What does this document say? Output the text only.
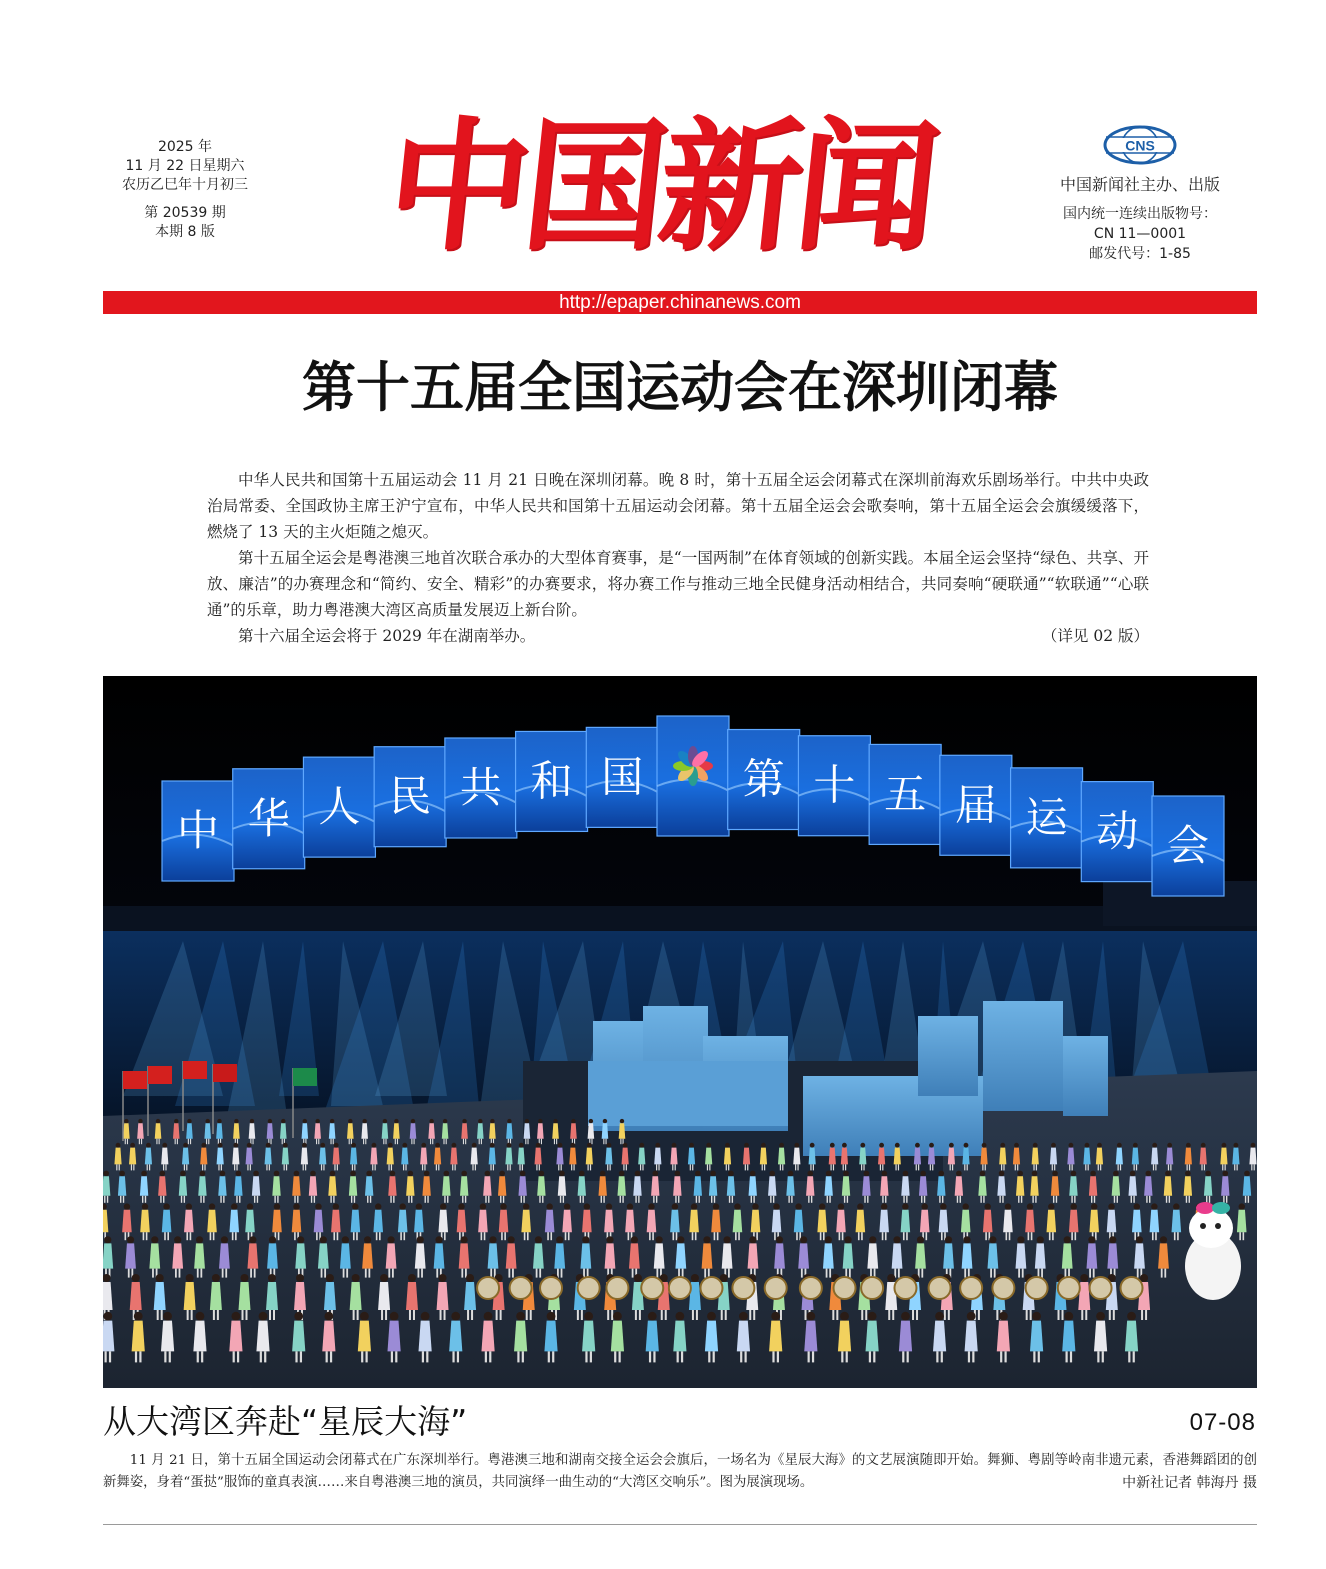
2025 年
11 月 22 日星期六
农历乙巳年十月初三
第 20539 期
本期 8 版	中国新闻	CNS
中国新闻社主办、出版
国内统一连续出版物号：
CN 11—0001
邮发代号：1-85
http://epaper.chinanews.com
第十五届全国运动会在深圳闭幕

中华人民共和国第十五届运动会 11 月 21 日晚在深圳闭幕。晚 8 时，第十五届全运会闭幕式在深圳前海欢乐剧场举行。中共中央政治局常委、全国政协主席王沪宁宣布，中华人民共和国第十五届运动会闭幕。第十五届全运会会歌奏响，第十五届全运会会旗缓缓落下，燃烧了 13 天的主火炬随之熄灭。

第十五届全运会是粤港澳三地首次联合承办的大型体育赛事，是“一国两制”在体育领域的创新实践。本届全运会坚持“绿色、共享、开放、廉洁”的办赛理念和“简约、安全、精彩”的办赛要求，将办赛工作与推动三地全民健身活动相结合，共同奏响“硬联通”“软联通”“心联通”的乐章，助力粤港澳大湾区高质量发展迈上新台阶。

第十六届全运会将于 2029 年在湖南举办。	（详见 02 版）
中 华 人 民 共 和 国 第 十 五 届 运 动 会
从大湾区奔赴“星辰大海”	07-08

11 月 21 日，第十五届全国运动会闭幕式在广东深圳举行。粤港澳三地和湖南交接全运会会旗后，一场名为《星辰大海》的文艺展演随即开始。舞狮、粤剧等岭南非遗元素，香港舞蹈团的创新舞姿，身着“蛋挞”服饰的童真表演……来自粤港澳三地的演员，共同演绎一曲生动的“大湾区交响乐”。图为展演现场。	中新社记者 韩海丹 摄
